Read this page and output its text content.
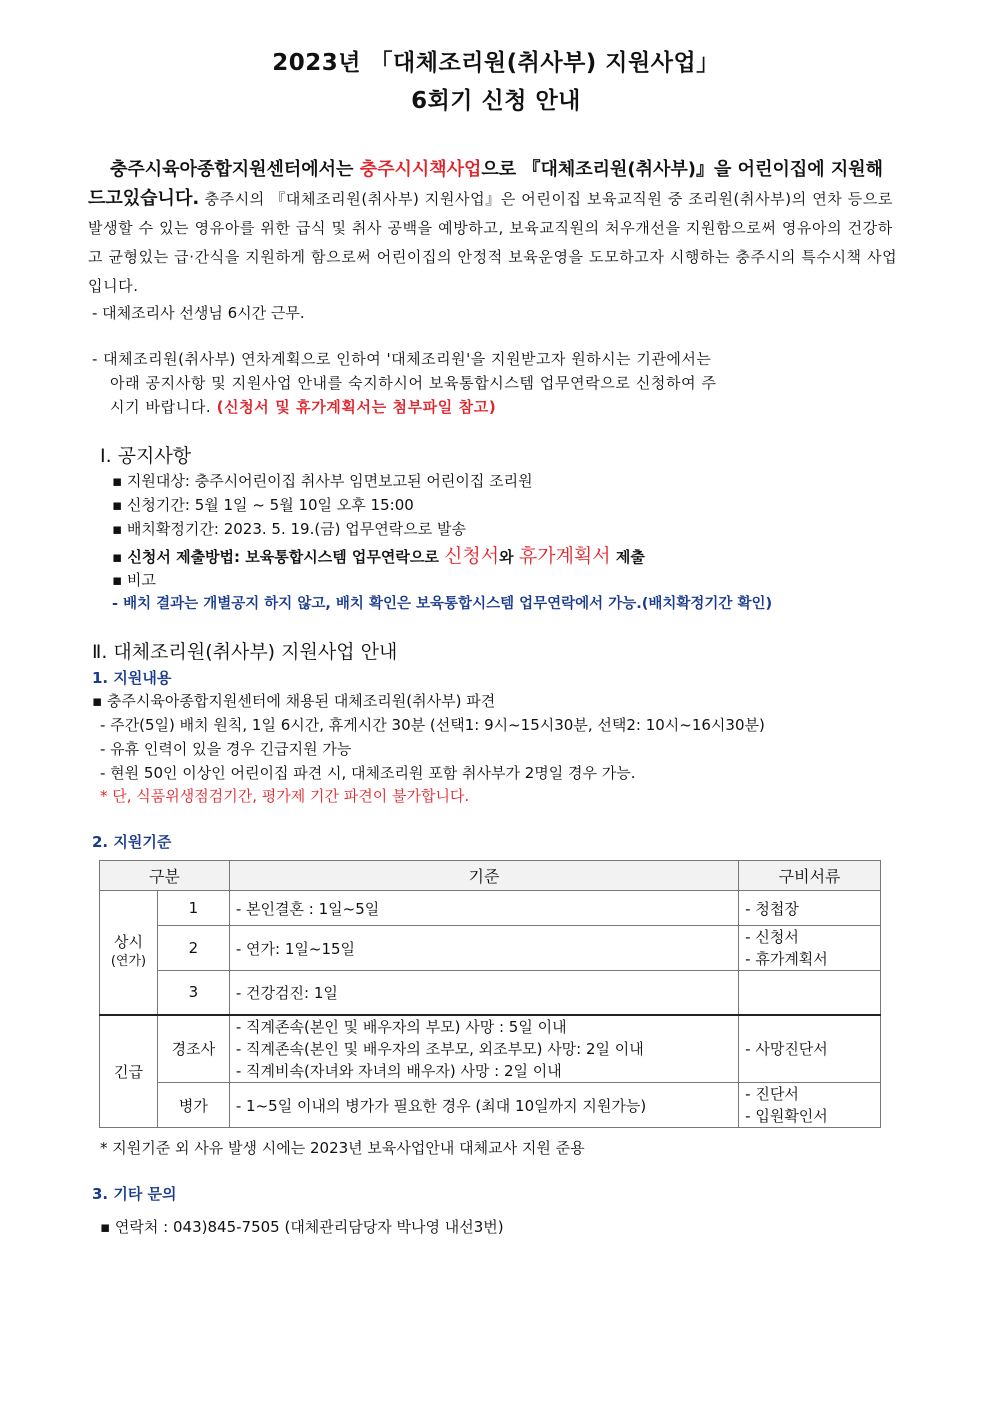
2023년 「대체조리원(취사부) 지원사업」
6회기 신청 안내
충주시육아종합지원센터에서는 충주시시책사업으로 『대체조리원(취사부)』을 어린이집에 지원해드고있습니다. 충주시의 『대체조리원(취사부) 지원사업』은 어린이집 보육교직원 중 조리원(취사부)의 연차 등으로 발생할 수 있는 영유아를 위한 급식 및 취사 공백을 예방하고, 보육교직원의 처우개선을 지원함으로써 영유아의 건강하고 균형있는 급·간식을 지원하게 함으로써 어린이집의 안정적 보육운영을 도모하고자 시행하는 충주시의 특수시책 사업입니다.
- 대체조리사 선생님 6시간 근무.
- 대체조리원(취사부) 연차계획으로 인하여 '대체조리원'을 지원받고자 원하시는 기관에서는
아래 공지사항 및 지원사업 안내를 숙지하시어 보육통합시스템 업무연락으로 신청하여 주
시기 바랍니다. (신청서 및 휴가계획서는 첨부파일 참고)
Ⅰ. 공지사항
▪ 지원대상: 충주시어린이집 취사부 임면보고된 어린이집 조리원
▪ 신청기간: 5월 1일 ~ 5월 10일 오후 15:00
▪ 배치확정기간: 2023. 5. 19.(금) 업무연락으로 발송
▪ 신청서 제출방법: 보육통합시스템 업무연락으로 신청서와 휴가계획서 제출
▪ 비고
- 배치 결과는 개별공지 하지 않고, 배치 확인은 보육통합시스템 업무연락에서 가능.(배치확정기간 확인)
Ⅱ. 대체조리원(취사부) 지원사업 안내
1. 지원내용
▪ 충주시육아종합지원센터에 채용된 대체조리원(취사부) 파견
- 주간(5일) 배치 원칙, 1일 6시간, 휴게시간 30분 (선택1: 9시~15시30분, 선택2: 10시~16시30분)
- 유휴 인력이 있을 경우 긴급지원 가능
- 현원 50인 이상인 어린이집 파견 시, 대체조리원 포함 취사부가 2명일 경우 가능.
* 단, 식품위생점검기간, 평가제 기간 파견이 불가합니다.
2. 지원기준
구분		기준	구비서류

상시
(연가)	1	- 본인결혼 : 1일~5일	- 청첩장
	2	- 연가: 1일~15일	- 신청서
- 휴가계획서

	3	- 건강검진: 1일	

긴급	경조사	- 직계존속(본인 및 배우자의 부모) 사망 : 5일 이내
- 직계존속(본인 및 배우자의 조부모, 외조부모) 사망: 2일 이내
- 직계비속(자녀와 자녀의 배우자) 사망 : 2일 이내	- 사망진단서
	병가	- 1~5일 이내의 병가가 필요한 경우 (최대 10일까지 지원가능)	- 진단서
- 입원확인서
* 지원기준 외 사유 발생 시에는 2023년 보육사업안내 대체교사 지원 준용
3. 기타 문의
▪ 연락처 : 043)845-7505 (대체관리담당자 박나영 내선3번)
